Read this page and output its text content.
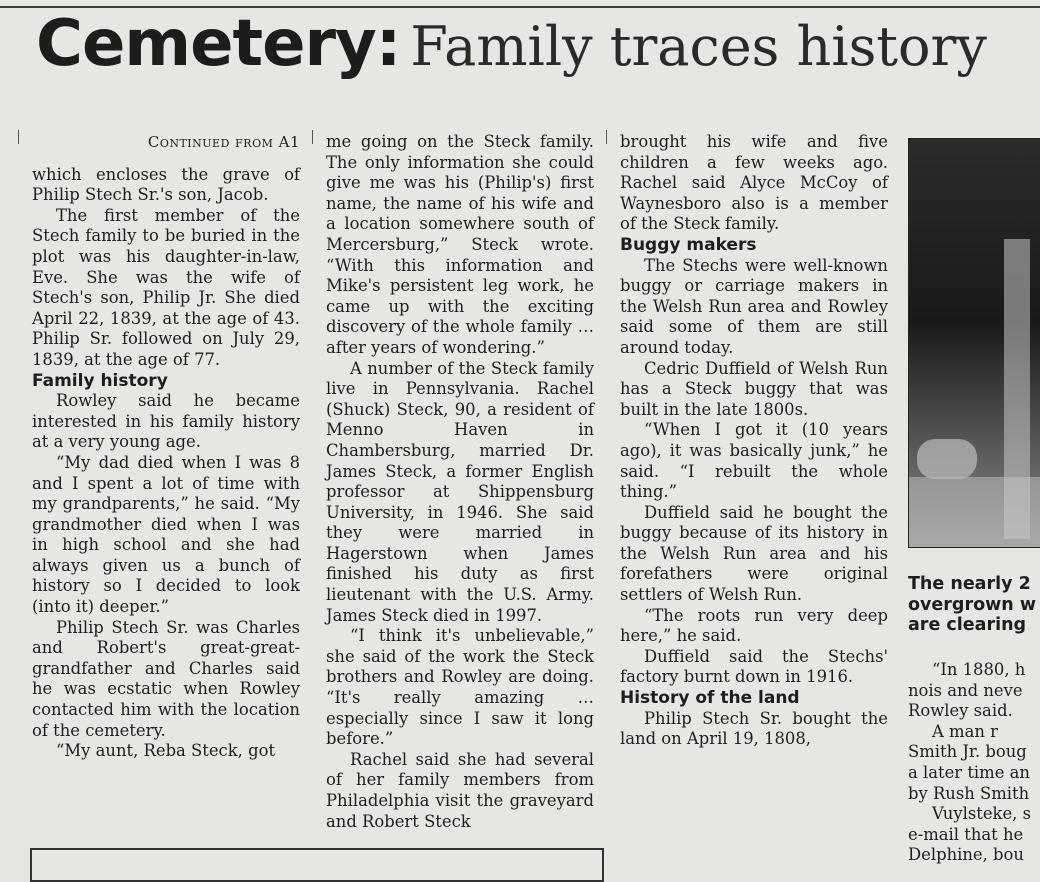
Cemetery: Family traces history
Continued from A1

which encloses the grave of Philip Stech Sr.'s son, Jacob.

The first member of the Stech family to be buried in the plot was his daughter-in-law, Eve. She was the wife of Stech's son, Philip Jr. She died April 22, 1839, at the age of 43. Philip Sr. followed on July 29, 1839, at the age of 77.

Family history

Rowley said he became interested in his family history at a very young age.

“My dad died when I was 8 and I spent a lot of time with my grandparents,” he said. “My grandmother died when I was in high school and she had always given us a bunch of history so I decided to look (into it) deeper.”

Philip Stech Sr. was Charles and Robert's great-great-grandfather and Charles said he was ecstatic when Rowley contacted him with the location of the cemetery.

“My aunt, Reba Steck, got

me going on the Steck family. The only information she could give me was his (Philip's) first name, the name of his wife and a location somewhere south of Mercersburg,” Steck wrote. “With this information and Mike's persistent leg work, he came up with the exciting discovery of the whole family … after years of wondering.”

A number of the Steck family live in Pennsylvania. Rachel (Shuck) Steck, 90, a resident of Menno Haven in Chambersburg, married Dr. James Steck, a former English professor at Shippensburg University, in 1946. She said they were married in Hagerstown when James finished his duty as first lieutenant with the U.S. Army. James Steck died in 1997.

“I think it's unbelievable,” she said of the work the Steck brothers and Rowley are doing. “It's really amazing … especially since I saw it long before.”

Rachel said she had several of her family members from Philadelphia visit the graveyard and Robert Steck

brought his wife and five children a few weeks ago. Rachel said Alyce McCoy of Waynesboro also is a member of the Steck family.

Buggy makers

The Stechs were well-known buggy or carriage makers in the Welsh Run area and Rowley said some of them are still around today.

Cedric Duffield of Welsh Run has a Steck buggy that was built in the late 1800s.

“When I got it (10 years ago), it was basically junk,” he said. “I rebuilt the whole thing.”

Duffield said he bought the buggy because of its history in the Welsh Run area and his forefathers were original settlers of Welsh Run.

“The roots run very deep here,” he said.

Duffield said the Stechs' factory burnt down in 1916.

History of the land

Philip Stech Sr. bought the land on April 19, 1808,

The nearly 2
overgrown w
are clearing

“In 1880, h

nois and neve

Rowley said.

A man r

Smith Jr. boug

a later time an

by Rush Smith

Vuylsteke, s

e-mail that he

Delphine, bou
